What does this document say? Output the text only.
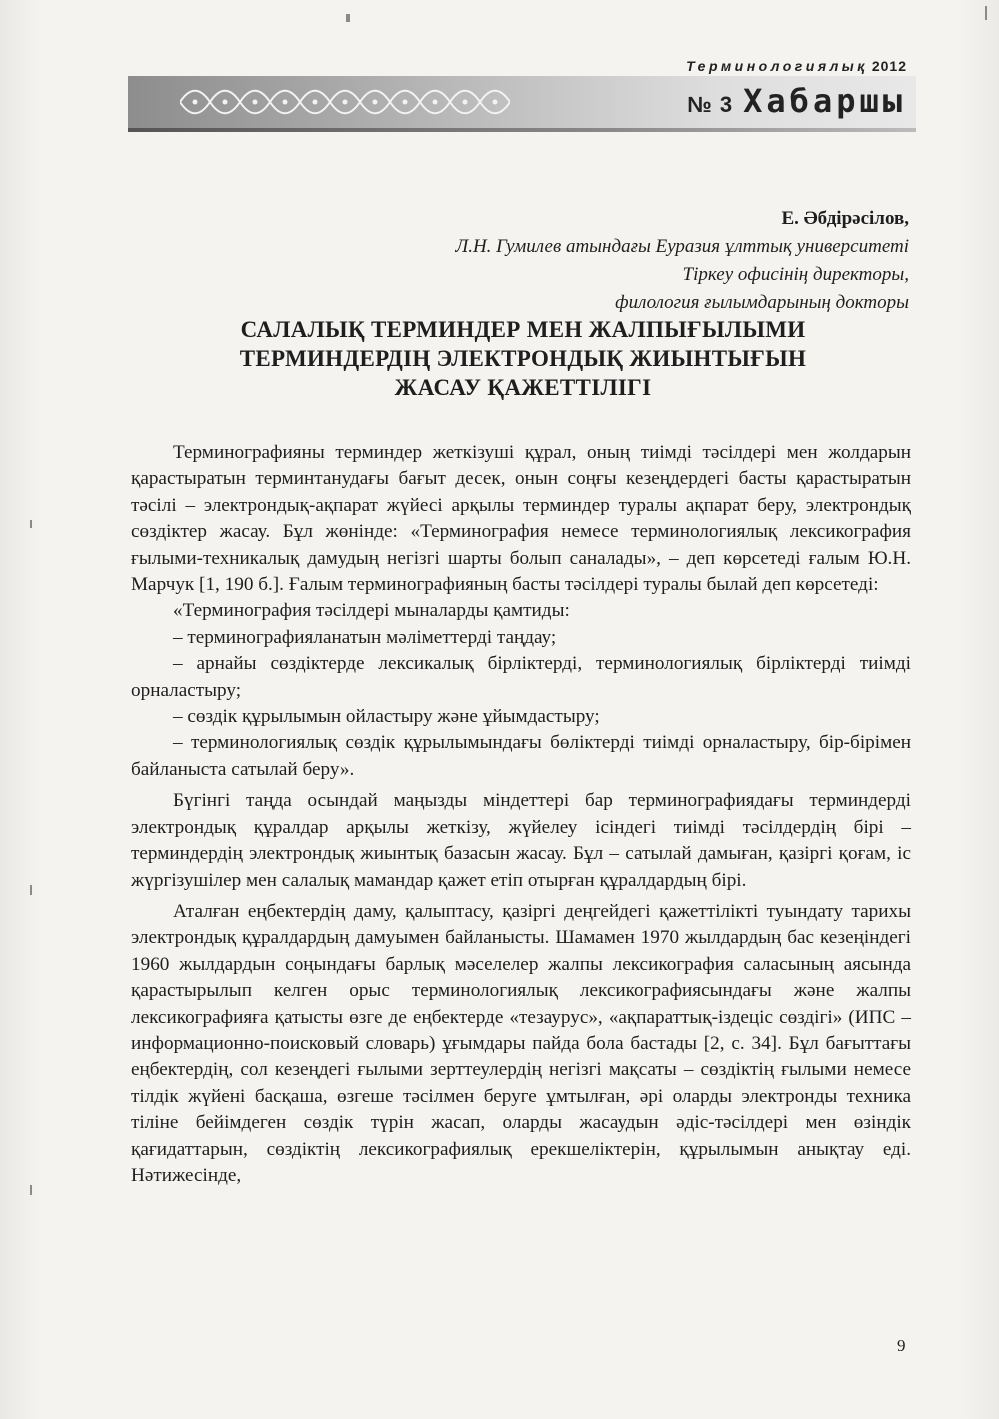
Терминологиялық 2012
№ 3 Хабаршы
Е. Әбдірәсілов,
Л.Н. Гумилев атындағы Еуразия ұлттық университеті
Тіркеу офисінің директоры,
филология ғылымдарының докторы
САЛАЛЫҚ ТЕРМИНДЕР МЕН ЖАЛПЫҒЫЛЫМИ
ТЕРМИНДЕРДІҢ ЭЛЕКТРОНДЫҚ ЖИЫНТЫҒЫН
ЖАСАУ ҚАЖЕТТІЛІГІ

Терминографияны терминдер жеткізуші құрал, оның тиімді тәсілдері мен жолдарын қарастыратын терминтанудағы бағыт десек, онын соңғы кезеңдердегі басты қарастыратын тәсілі – электрондық-ақпарат жүйесі арқылы терминдер туралы ақпарат беру, электрондық сөздіктер жасау. Бұл жөнінде: «Терминография немесе терминологиялық лексикография ғылыми-техникалық дамудың негізгі шарты болып саналады», – деп көрсетеді ғалым Ю.Н. Марчук [1, 190 б.]. Ғалым терминографияның басты тәсілдері туралы былай деп көрсетеді:

«Терминография тәсілдері мыналарды қамтиды:

– терминографияланатын мәліметтерді таңдау;

– арнайы сөздіктерде лексикалық бірліктерді, терминологиялық бірліктерді тиімді орналастыру;

– сөздік құрылымын ойластыру және ұйымдастыру;

– терминологиялық сөздік құрылымындағы бөліктерді тиімді орналастыру, бір-бірімен байланыста сатылай беру».

Бүгінгі таңда осындай маңызды міндеттері бар терминографиядағы терминдерді электрондық құралдар арқылы жеткізу, жүйелеу ісіндегі тиімді тәсілдердің бірі – терминдердің электрондық жиынтық базасын жасау. Бұл – сатылай дамыған, қазіргі қоғам, іс жүргізушілер мен салалық мамандар қажет етіп отырған құралдардың бірі.

Аталған еңбектердің даму, қалыптасу, қазіргі деңгейдегі қажеттілікті туындату тарихы электрондық құралдардың дамуымен байланысты. Шамамен 1970 жылдардың бас кезеңіндегі 1960 жылдардын соңындағы барлық мәселелер жалпы лексикография саласының аясында қарастырылып келген орыс терминологиялық лексикографиясындағы және жалпы лексикографияға қатысты өзге де еңбектерде «тезаурус», «ақпараттық-іздеціс сөздігі» (ИПС – информационно-поисковый словарь) ұғымдары пайда бола бастады [2, с. 34]. Бұл бағыттағы еңбектердің, сол кезеңдегі ғылыми зерттеулердің негізгі мақсаты – сөздіктің ғылыми немесе тілдік жүйені басқаша, өзгеше тәсілмен беруге ұмтылған, әрі оларды электронды техника тіліне бейімдеген сөздік түрін жасап, оларды жасаудын әдіс-тәсілдері мен өзіндік қағидаттарын, сөздіктің лексикографиялық ерекшеліктерін, құрылымын анықтау еді. Нәтижесінде,

9
